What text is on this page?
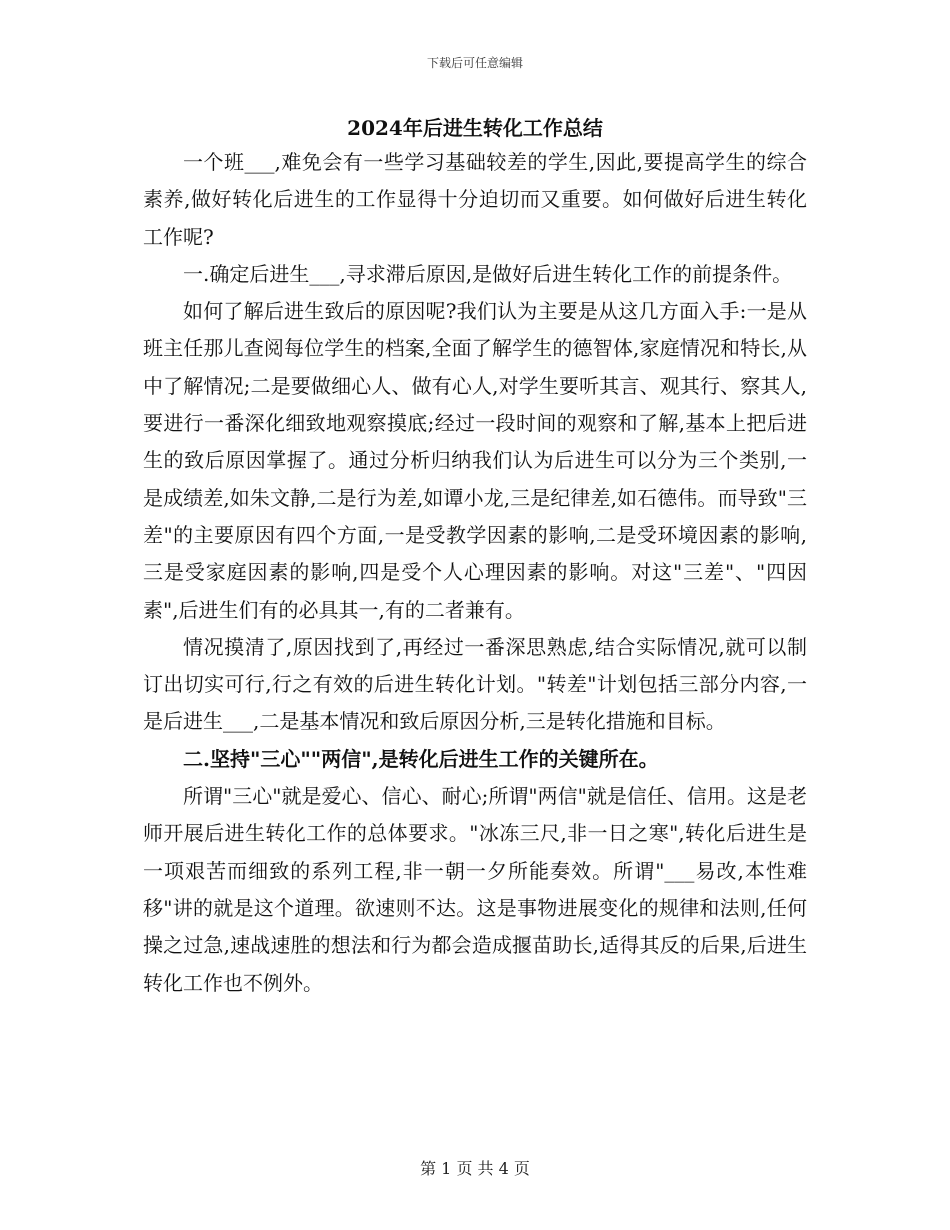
下载后可任意编辑
2024年后进生转化工作总结

一个班___,难免会有一些学习基础较差的学生,因此,要提高学生的综合素养,做好转化后进生的工作显得十分迫切而又重要。如何做好后进生转化工作呢?

一.确定后进生___,寻求滞后原因,是做好后进生转化工作的前提条件。

如何了解后进生致后的原因呢?我们认为主要是从这几方面入手:一是从班主任那儿查阅每位学生的档案,全面了解学生的德智体,家庭情况和特长,从中了解情况;二是要做细心人、做有心人,对学生要听其言、观其行、察其人,要进行一番深化细致地观察摸底;经过一段时间的观察和了解,基本上把后进生的致后原因掌握了。通过分析归纳我们认为后进生可以分为三个类别,一是成绩差,如朱文静,二是行为差,如谭小龙,三是纪律差,如石德伟。而导致"三差"的主要原因有四个方面,一是受教学因素的影响,二是受环境因素的影响,三是受家庭因素的影响,四是受个人心理因素的影响。对这"三差"、"四因素",后进生们有的必具其一,有的二者兼有。

情况摸清了,原因找到了,再经过一番深思熟虑,结合实际情况,就可以制订出切实可行,行之有效的后进生转化计划。"转差"计划包括三部分内容,一是后进生___,二是基本情况和致后原因分析,三是转化措施和目标。

二.坚持"三心""两信",是转化后进生工作的关键所在。

所谓"三心"就是爱心、信心、耐心;所谓"两信"就是信任、信用。这是老师开展后进生转化工作的总体要求。"冰冻三尺,非一日之寒",转化后进生是一项艰苦而细致的系列工程,非一朝一夕所能奏效。所谓"___易改,本性难移"讲的就是这个道理。欲速则不达。这是事物进展变化的规律和法则,任何操之过急,速战速胜的想法和行为都会造成揠苗助长,适得其反的后果,后进生转化工作也不例外。

第 1 页 共 4 页
